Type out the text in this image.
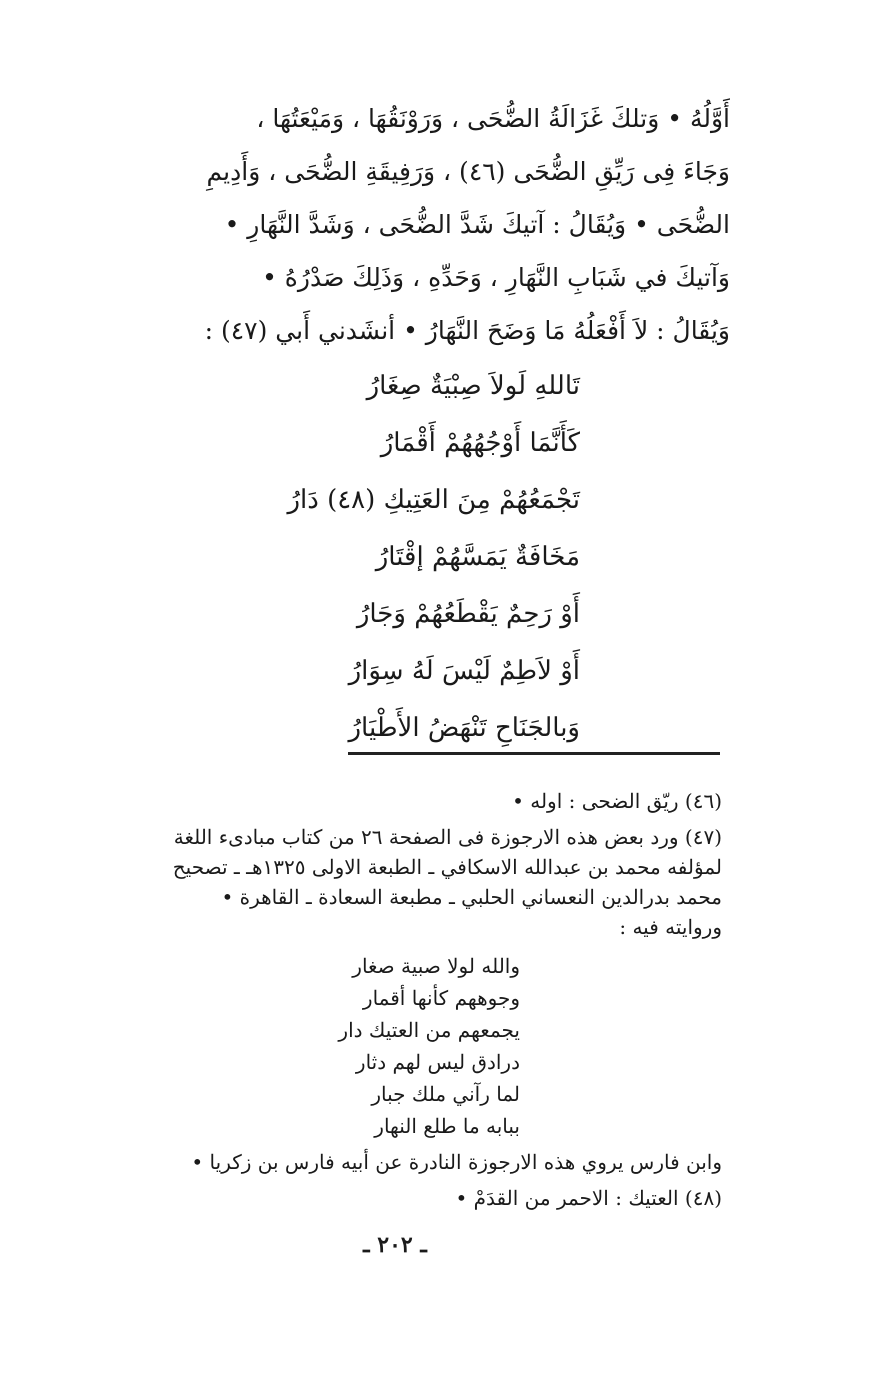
أَوَّلُهُ • وَتلكَ غَزَالَةُ الضُّحَى ، وَرَوْنَقُهَا ، وَمَيْعَتُهَا ،

وَجَاءَ فِى رَيِّقِ الضُّحَى (٤٦) ، وَرَفِيقَةِ الضُّحَى ، وَأَدِيمِ

الضُّحَى • وَيُقَالُ : آتيكَ شَدَّ الضُّحَى ، وَشَدَّ النَّهَارِ •

وَآتيكَ في شَبَابِ النَّهَارِ ، وَحَدِّهِ ، وَذَلِكَ صَدْرُهُ •

وَيُقَالُ : لاَ أَفْعَلُهُ مَا وَضَحَ النَّهَارُ • أنشَدني أَبي (٤٧) :

تَاللهِ لَولاَ صِبْيَةٌ صِغَارُ

كَأَنَّمَا أَوْجُهُهُمْ أَقْمَارُ

تَجْمَعُهُمْ مِنَ العَتِيكِ (٤٨) دَارُ

مَخَافَةٌ يَمَسَّهُمْ إقْتَارُ

أَوْ رَحِمٌ يَقْطَعُهُمْ وَجَارُ

أَوْ لاَطِمٌ لَيْسَ لَهُ سِوَارُ

وَبالجَنَاحِ تَنْهَضُ الأَطْيَارُ

(٤٦) ريّق الضحى : اوله •

(٤٧) ورد بعض هذه الارجوزة فى الصفحة ٢٦ من كتاب مبادىء اللغة

لمؤلفه محمد بن عبدالله الاسكافي ـ الطبعة الاولى ١٣٢٥هـ ـ تصحيح

محمد بدرالدين النعساني الحلبي ـ مطبعة السعادة ـ القاهرة •

وروايته فيه :

والله لولا صبية صغار

وجوههم كأنها أقمار

يجمعهم من العتيك دار

درادق ليس لهم دثار

لما رآني ملك جبار

ببابه ما طلع النهار

وابن فارس يروي هذه الارجوزة النادرة عن أبيه فارس بن زكريا •

(٤٨) العتيك : الاحمر من القدَمْ •

ـ ٢٠٢ ـ
